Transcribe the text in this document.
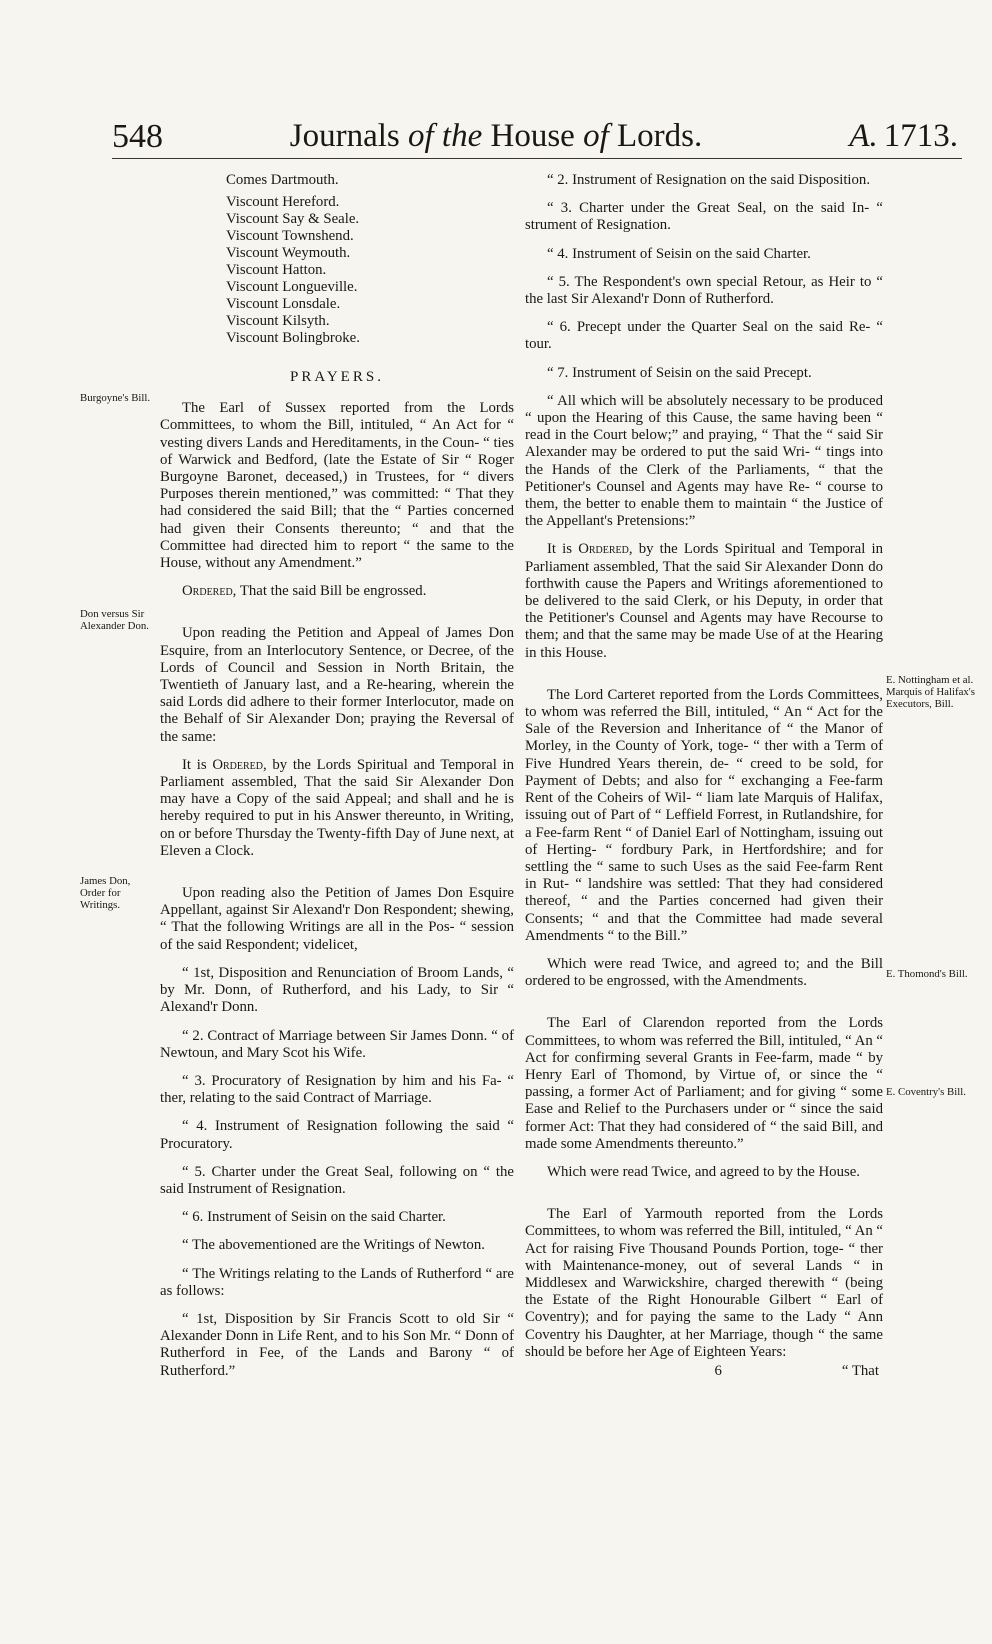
548	Journals of the House of Lords.	A. 1713.
Burgoyne's Bill.
Don versus Sir Alexander Don.
James Don, Order for Writings.
E. Nottingham et al. Marquis of Halifax's Executors, Bill.
E. Thomond's Bill.
E. Coventry's Bill.
Comes Dartmouth.
Viscount Hereford.
Viscount Say & Seale.
Viscount Townshend.
Viscount Weymouth.
Viscount Hatton.
Viscount Longueville.
Viscount Lonsdale.
Viscount Kilsyth.
Viscount Bolingbroke.
PRAYERS.

The Earl of Sussex reported from the Lords Committees, to whom the Bill, intituled, “ An Act for “ vesting divers Lands and Hereditaments, in the Coun- “ ties of Warwick and Bedford, (late the Estate of Sir “ Roger Burgoyne Baronet, deceased,) in Trustees, for “ divers Purposes therein mentioned,” was committed: “ That they had considered the said Bill; that the “ Parties concerned had given their Consents thereunto; “ and that the Committee had directed him to report “ the same to the House, without any Amendment.”

Ordered, That the said Bill be engrossed.

Upon reading the Petition and Appeal of James Don Esquire, from an Interlocutory Sentence, or Decree, of the Lords of Council and Session in North Britain, the Twentieth of January last, and a Re-hearing, wherein the said Lords did adhere to their former Interlocutor, made on the Behalf of Sir Alexander Don; praying the Reversal of the same:

It is Ordered, by the Lords Spiritual and Temporal in Parliament assembled, That the said Sir Alexander Don may have a Copy of the said Appeal; and shall and he is hereby required to put in his Answer thereunto, in Writing, on or before Thursday the Twenty-fifth Day of June next, at Eleven a Clock.

Upon reading also the Petition of James Don Esquire Appellant, against Sir Alexand'r Don Respondent; shewing, “ That the following Writings are all in the Pos- “ session of the said Respondent; videlicet,

“ 1st, Disposition and Renunciation of Broom Lands, “ by Mr. Donn, of Rutherford, and his Lady, to Sir “ Alexand'r Donn.

“ 2. Contract of Marriage between Sir James Donn. “ of Newtoun, and Mary Scot his Wife.

“ 3. Procuratory of Resignation by him and his Fa- “ ther, relating to the said Contract of Marriage.

“ 4. Instrument of Resignation following the said “ Procuratory.

“ 5. Charter under the Great Seal, following on “ the said Instrument of Resignation.

“ 6. Instrument of Seisin on the said Charter.

“ The abovementioned are the Writings of Newton.

“ The Writings relating to the Lands of Rutherford “ are as follows:

“ 1st, Disposition by Sir Francis Scott to old Sir “ Alexander Donn in Life Rent, and to his Son Mr. “ Donn of Rutherford in Fee, of the Lands and Barony “ of Rutherford.”

“ 2. Instrument of Resignation on the said Disposition.

“ 3. Charter under the Great Seal, on the said In- “ strument of Resignation.

“ 4. Instrument of Seisin on the said Charter.

“ 5. The Respondent's own special Retour, as Heir to “ the last Sir Alexand'r Donn of Rutherford.

“ 6. Precept under the Quarter Seal on the said Re- “ tour.

“ 7. Instrument of Seisin on the said Precept.

“ All which will be absolutely necessary to be produced “ upon the Hearing of this Cause, the same having been “ read in the Court below;” and praying, “ That the “ said Sir Alexander may be ordered to put the said Wri- “ tings into the Hands of the Clerk of the Parliaments, “ that the Petitioner's Counsel and Agents may have Re- “ course to them, the better to enable them to maintain “ the Justice of the Appellant's Pretensions:”

It is Ordered, by the Lords Spiritual and Temporal in Parliament assembled, That the said Sir Alexander Donn do forthwith cause the Papers and Writings aforementioned to be delivered to the said Clerk, or his Deputy, in order that the Petitioner's Counsel and Agents may have Recourse to them; and that the same may be made Use of at the Hearing in this House.

The Lord Carteret reported from the Lords Committees, to whom was referred the Bill, intituled, “ An “ Act for the Sale of the Reversion and Inheritance of “ the Manor of Morley, in the County of York, toge- “ ther with a Term of Five Hundred Years therein, de- “ creed to be sold, for Payment of Debts; and also for “ exchanging a Fee-farm Rent of the Coheirs of Wil- “ liam late Marquis of Halifax, issuing out of Part of “ Leffield Forrest, in Rutlandshire, for a Fee-farm Rent “ of Daniel Earl of Nottingham, issuing out of Herting- “ fordbury Park, in Hertfordshire; and for settling the “ same to such Uses as the said Fee-farm Rent in Rut- “ landshire was settled: That they had considered thereof, “ and the Parties concerned had given their Consents; “ and that the Committee had made several Amendments “ to the Bill.”

Which were read Twice, and agreed to; and the Bill ordered to be engrossed, with the Amendments.

The Earl of Clarendon reported from the Lords Committees, to whom was referred the Bill, intituled, “ An “ Act for confirming several Grants in Fee-farm, made “ by Henry Earl of Thomond, by Virtue of, or since the “ passing, a former Act of Parliament; and for giving “ some Ease and Relief to the Purchasers under or “ since the said former Act: That they had considered of “ the said Bill, and made some Amendments thereunto.”

Which were read Twice, and agreed to by the House.

The Earl of Yarmouth reported from the Lords Committees, to whom was referred the Bill, intituled, “ An “ Act for raising Five Thousand Pounds Portion, toge- “ ther with Maintenance-money, out of several Lands “ in Middlesex and Warwickshire, charged therewith “ (being the Estate of the Right Honourable Gilbert “ Earl of Coventry); and for paying the same to the Lady “ Ann Coventry his Daughter, at her Marriage, though “ the same should be before her Age of Eighteen Years:

6	“ That
